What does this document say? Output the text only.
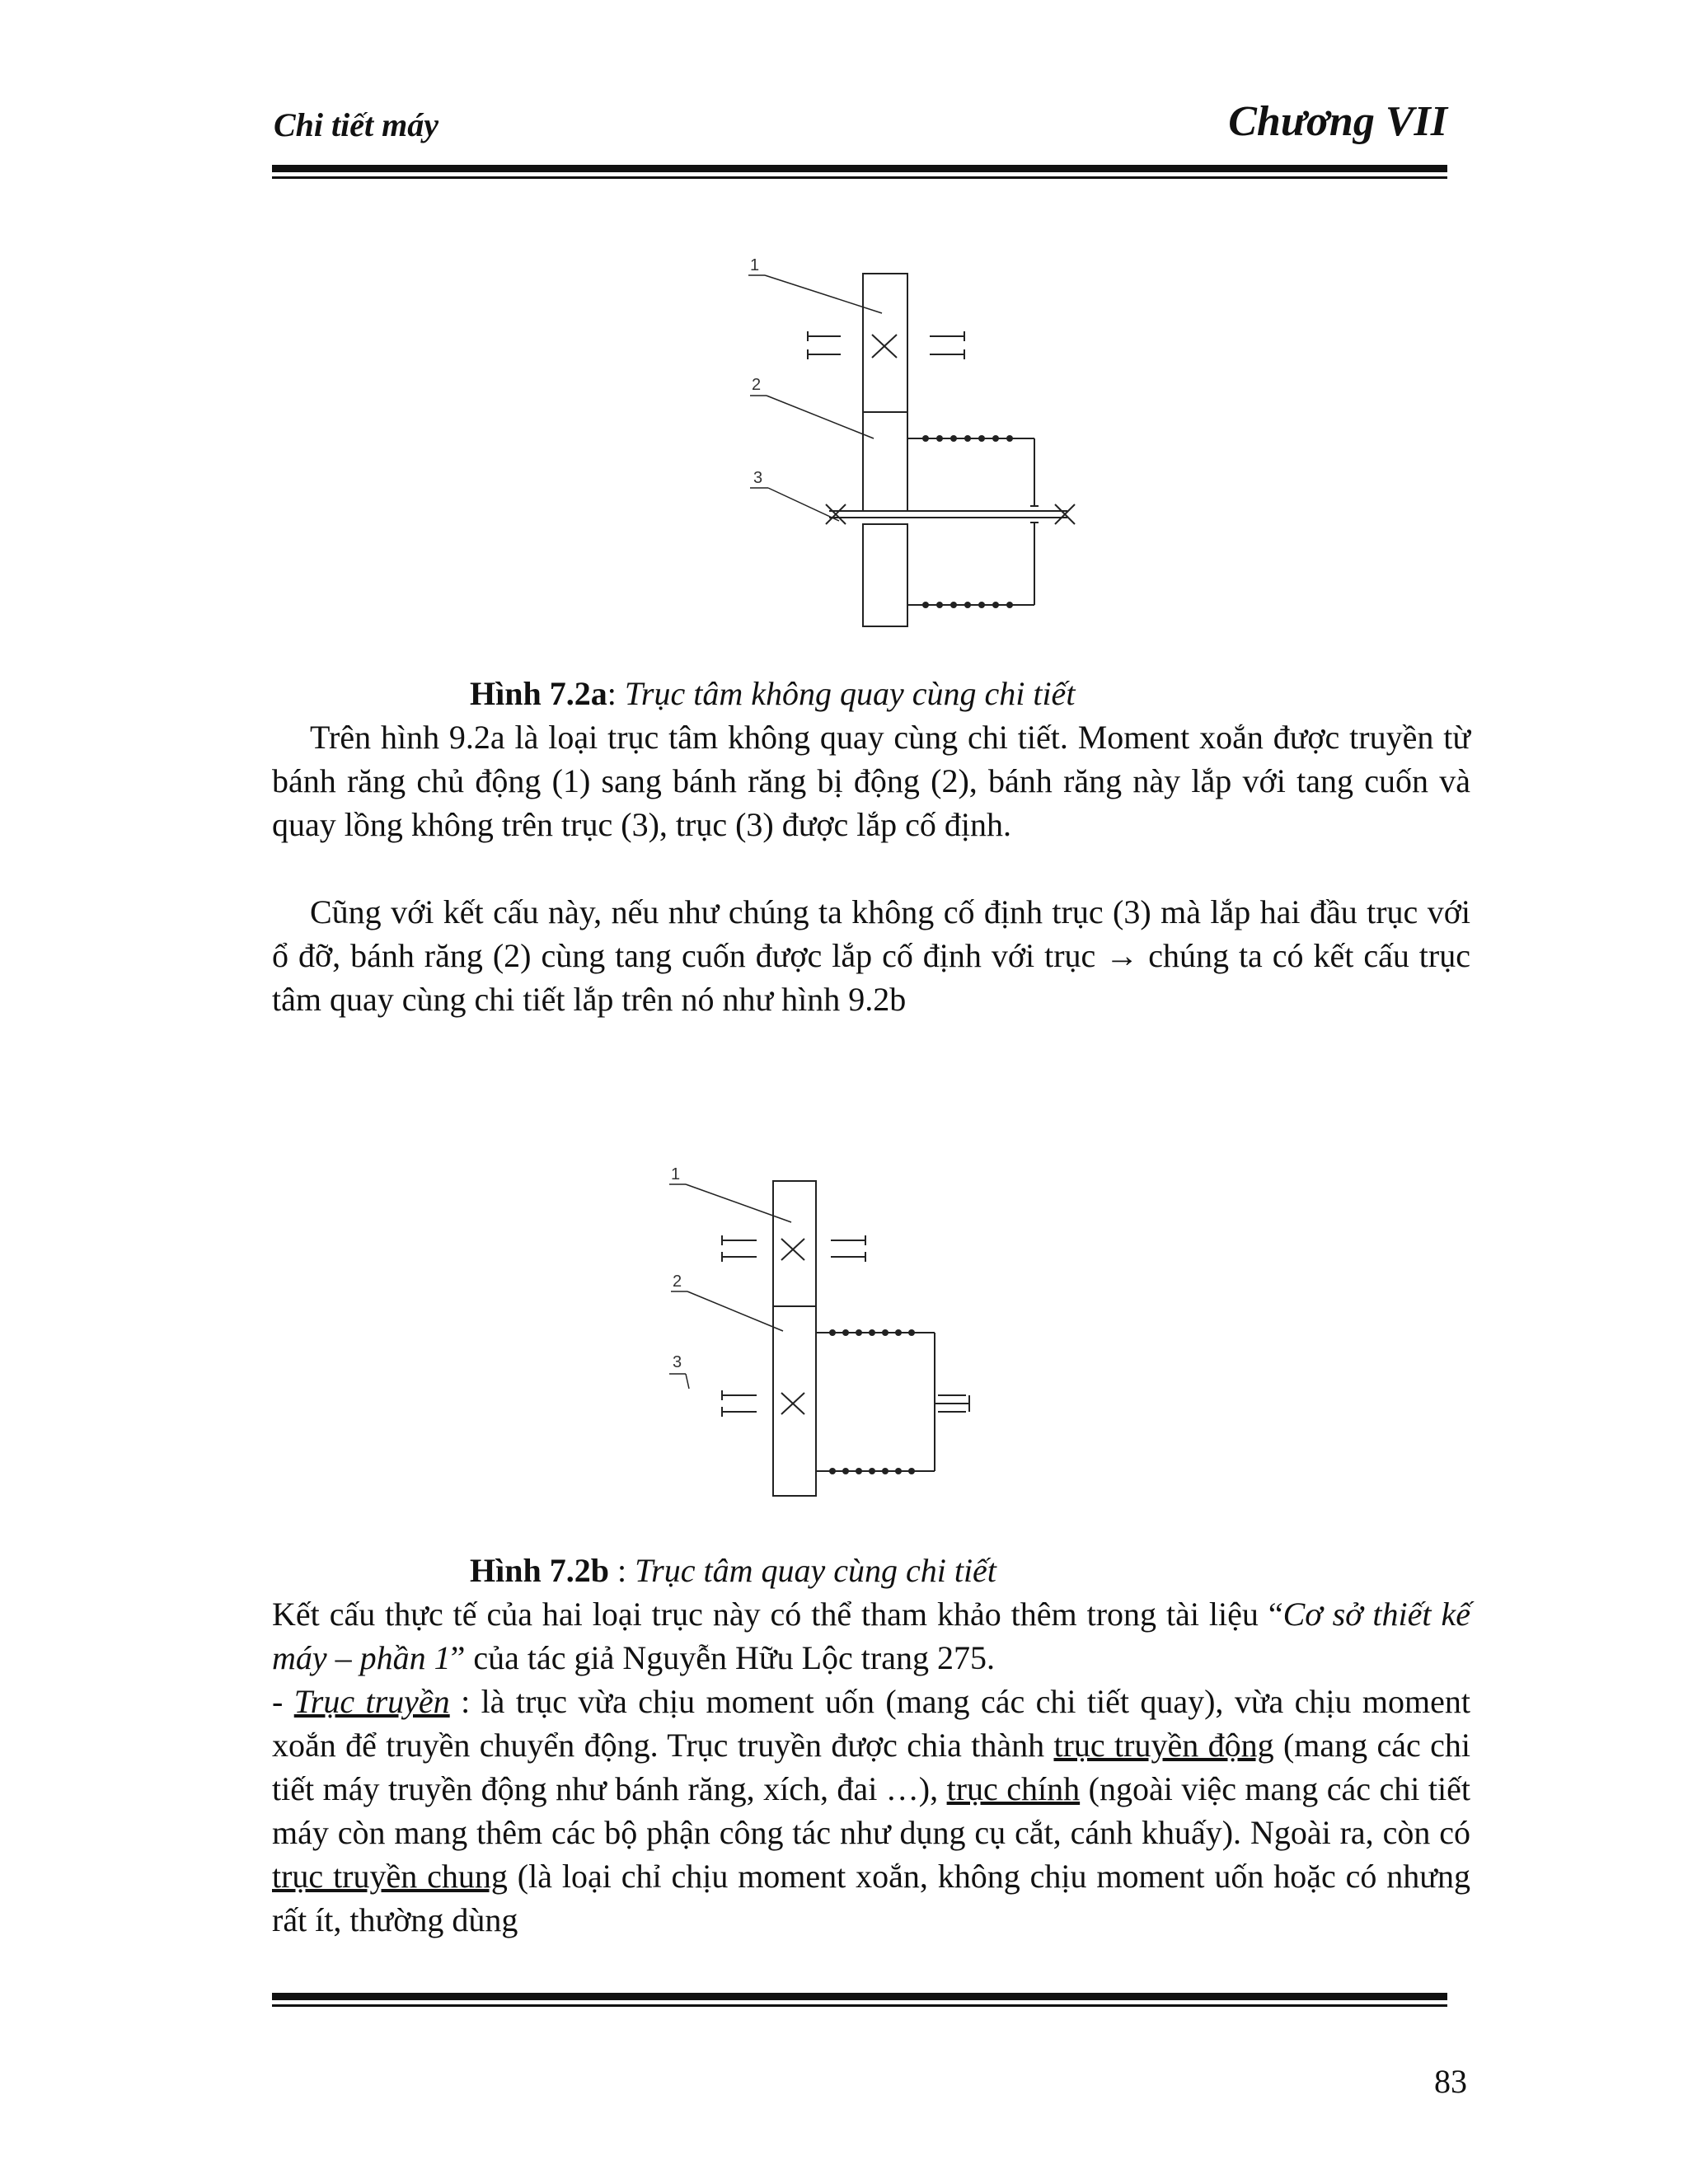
Chi tiết máy	Chương VII
1
2
3
Hình 7.2a: Trục tâm không quay cùng chi tiết
Trên hình 9.2a là loại trục tâm không quay cùng chi tiết. Moment xoắn được truyền từ bánh răng chủ động (1) sang bánh răng bị động (2), bánh răng này lắp với tang cuốn và quay lồng không trên trục (3), trục (3) được lắp cố định.
Cũng với kết cấu này, nếu như chúng ta không cố định trục (3) mà lắp hai đầu trục với ổ đỡ, bánh răng (2) cùng tang cuốn được lắp cố định với trục → chúng ta có kết cấu trục tâm quay cùng chi tiết lắp trên nó như hình 9.2b
1
2
3
Hình 7.2b : Trục tâm quay cùng chi tiết
Kết cấu thực tế của hai loại trục này có thể tham khảo thêm trong tài liệu “Cơ sở thiết kế máy – phần 1” của tác giả Nguyễn Hữu Lộc trang 275.
- Trục truyền : là trục vừa chịu moment uốn (mang các chi tiết quay), vừa chịu moment xoắn để truyền chuyển động. Trục truyền được chia thành trục truyền động (mang các chi tiết máy truyền động như bánh răng, xích, đai …), trục chính (ngoài việc mang các chi tiết máy còn mang thêm các bộ phận công tác như dụng cụ cắt, cánh khuấy). Ngoài ra, còn có trục truyền chung (là loại chỉ chịu moment xoắn, không chịu moment uốn hoặc có nhưng rất ít, thường dùng
83
